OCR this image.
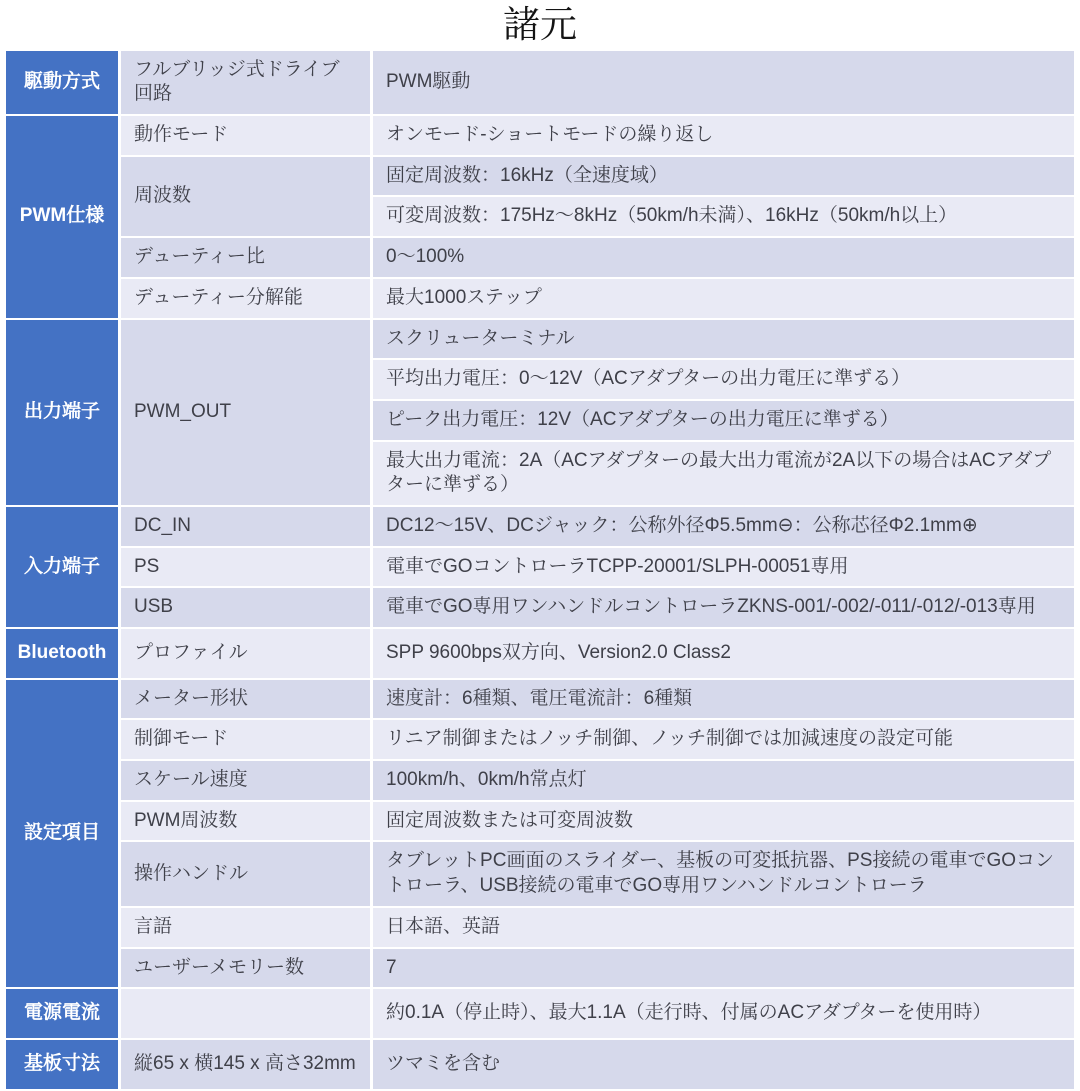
諸元
駆動方式	フルブリッジ式ドライブ回路	PWM駆動
PWM仕様	動作モード	オンモード-ショートモードの繰り返し
	周波数	固定周波数：16kHz（全速度域）
		可変周波数：175Hz～8kHz（50km/h未満）、16kHz（50km/h以上）
	デューティー比	0～100%
	デューティー分解能	最大1000ステップ
出力端子	PWM_OUT	スクリューターミナル
		平均出力電圧：0～12V（ACアダプターの出力電圧に準ずる）
		ピーク出力電圧：12V（ACアダプターの出力電圧に準ずる）
		最大出力電流：2A（ACアダプターの最大出力電流が2A以下の場合はACアダプターに準ずる）
入力端子	DC_IN	DC12～15V、DCジャック：公称外径Φ5.5mm⊖：公称芯径Φ2.1mm⊕
	PS	電車でGOコントローラTCPP-20001/SLPH-00051専用
	USB	電車でGO専用ワンハンドルコントローラZKNS-001/-002/-011/-012/-013専用
Bluetooth	プロファイル	SPP 9600bps双方向、Version2.0 Class2
設定項目	メーター形状	速度計：6種類、電圧電流計：6種類
	制御モード	リニア制御またはノッチ制御、ノッチ制御では加減速度の設定可能
	スケール速度	100km/h、0km/h常点灯
	PWM周波数	固定周波数または可変周波数
	操作ハンドル	タブレットPC画面のスライダー、基板の可変抵抗器、PS接続の電車でGOコントローラ、USB接続の電車でGO専用ワンハンドルコントローラ
	言語	日本語、英語
	ユーザーメモリー数	7
電源電流		約0.1A（停止時）、最大1.1A（走行時、付属のACアダプターを使用時）
基板寸法	縦65 x 横145 x 高さ32mm	ツマミを含む
